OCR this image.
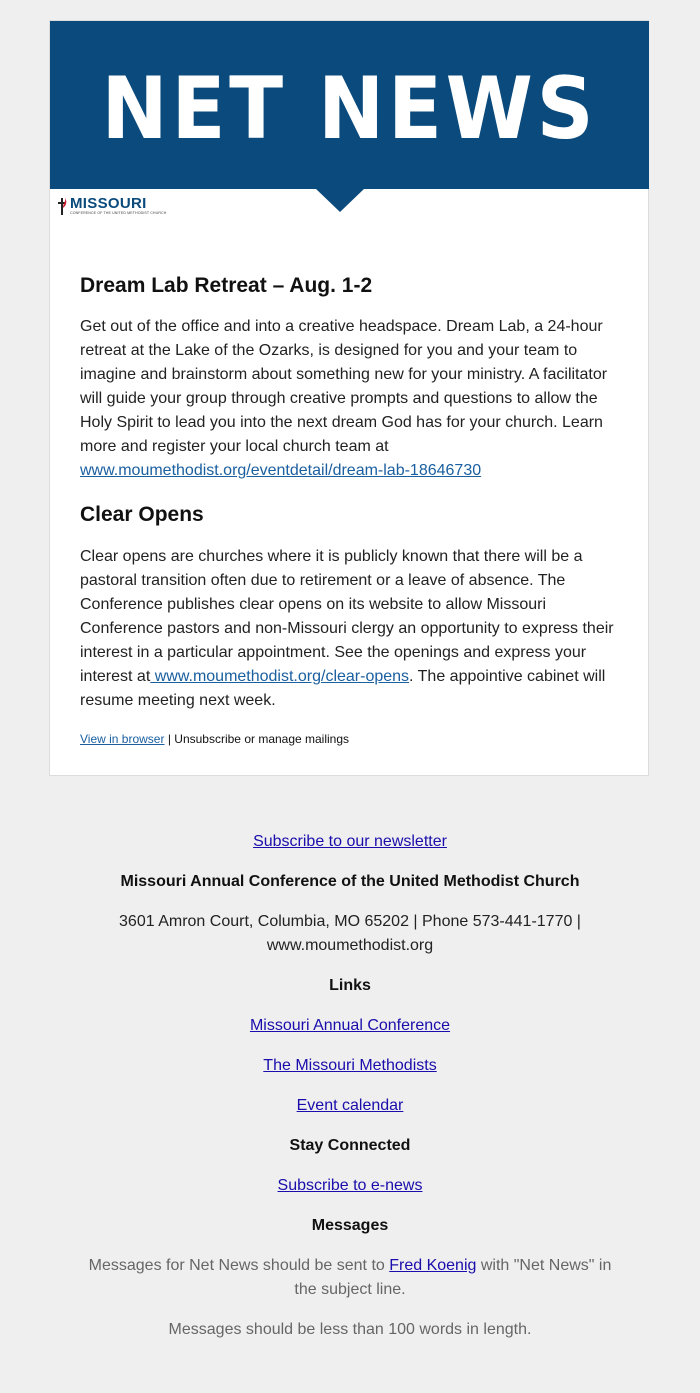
NET NEWS
MISSOURI
CONFERENCE OF THE UNITED METHODIST CHURCH
Dream Lab Retreat – Aug. 1-2

Get out of the office and into a creative headspace. Dream Lab, a 24-hour retreat at the Lake of the Ozarks, is designed for you and your team to imagine and brainstorm about something new for your ministry. A facilitator will guide your group through creative prompts and questions to allow the Holy Spirit to lead you into the next dream God has for your church. Learn more and register your local church team at www.moumethodist.org/eventdetail/dream-lab-18646730

Clear Opens

Clear opens are churches where it is publicly known that there will be a pastoral transition often due to retirement or a leave of absence. The Conference publishes clear opens on its website to allow Missouri Conference pastors and non-Missouri clergy an opportunity to express their interest in a particular appointment. See the openings and express your interest at www.moumethodist.org/clear-opens. The appointive cabinet will resume meeting next week.

View in browser | Unsubscribe or manage mailings

Subscribe to our newsletter

Missouri Annual Conference of the United Methodist Church

3601 Amron Court, Columbia, MO 65202 | Phone 573-441-1770 | www.moumethodist.org

Links

Missouri Annual Conference

The Missouri Methodists

Event calendar

Stay Connected

Subscribe to e-news

Messages

Messages for Net News should be sent to Fred Koenig with "Net News" in the subject line.

Messages should be less than 100 words in length.
